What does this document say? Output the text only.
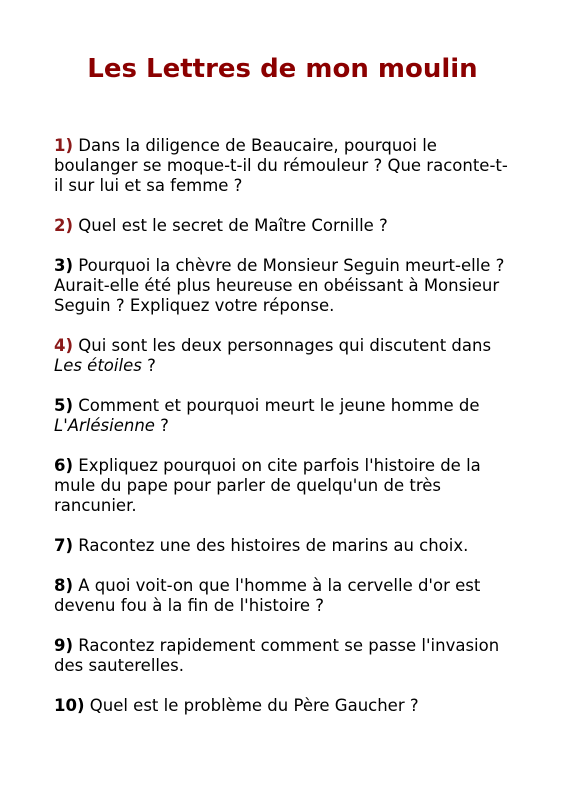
Les Lettres de mon moulin
1) Dans la diligence de Beaucaire, pourquoi le boulanger se moque-t-il du rémouleur ? Que raconte-t-il sur lui et sa femme ?
2) Quel est le secret de Maître Cornille ?
3) Pourquoi la chèvre de Monsieur Seguin meurt-elle ? Aurait-elle été plus heureuse en obéissant à Monsieur Seguin ? Expliquez votre réponse.
4) Qui sont les deux personnages qui discutent dans Les étoiles ?
5) Comment et pourquoi meurt le jeune homme de L'Arlésienne ?
6) Expliquez pourquoi on cite parfois l'histoire de la mule du pape pour parler de quelqu'un de très rancunier.
7) Racontez une des histoires de marins au choix.
8) A quoi voit-on que l'homme à la cervelle d'or est devenu fou à la fin de l'histoire ?
9) Racontez rapidement comment se passe l'invasion des sauterelles.
10) Quel est le problème du Père Gaucher ?
